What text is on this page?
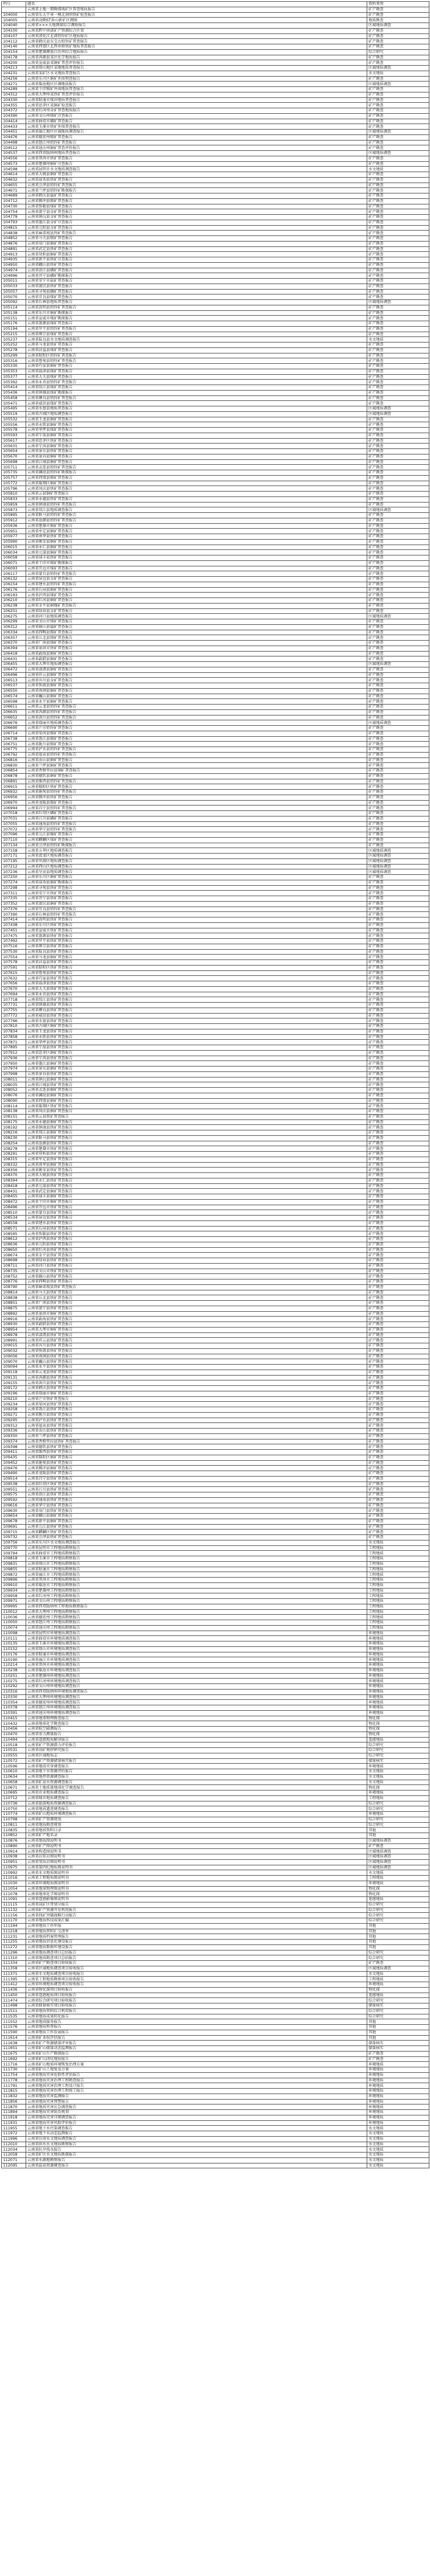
档号	题名	资料类别
	云南省上地一期勘探坡矿区普查地质报告	矿产勘查
104000	云南省东大平章一模北洞坝铁矿检查报告	矿产勘查
104005	云南省动勘ST多山新矿区测图	地质勘查
104040	云南省×××大地测量综合测验报告	区域地质调查
104100	云南省黔中南部矿产资源综合区划	矿产勘查
104107	云南省清化江北部铅锌矿区地质报告	矿产勘查
104112	云南省鹤庆县东宝山铅锌矿普查报告	矿产勘查
104140	云南省西盟区北西亚格铁矿地质普查报告	矿产勘查
104154	云南省楚雄彝族自治州综合地质报告	综合研究
104178	云南省洱源县某区化学地质报告	矿产勘查
104200	云南省宣威县某铜矿普查评价报告	矿产勘查
104213	云南省保山地区某地地质普查报告	区域地质调查
104231	云南省某矿区水文地质普查报告	水文地质
104256	云南省东川区铜矿外围预查报告	矿产勘查
104271	云南省临沧地区区调地质报告	区域地质调查
104289	云南省个旧锡矿外围地质普查报告	矿产勘查
104312	云南省大理州某铁矿普查评价报告	矿产勘查
104330	云南省昭通市煤田地质普查报告	矿产勘查
104355	云南省思茅区某铜矿检查报告	矿产勘查
104372	云南省红河州金矿普查地质报告	矿产勘查
104390	云南省文山州锑矿详查报告	矿产勘查
104414	云南省曲靖市磷矿普查报告	矿产勘查
104433	云南省玉溪市铁矿外围普查报告	矿产勘查
104451	云南省丽江地区区域地质调查报告	区域地质调查
104476	云南省德宏州锡矿普查报告	矿产勘查
104498	云南省怒江州铅锌矿普查报告	矿产勘查
104512	云南省迪庆州铜矿普查评价报告	矿产勘查
104537	云南省西双版纳州地质普查报告	区域地质调查
104556	云南省普洱市铁矿普查报告	矿产勘查
104573	云南省楚雄州铜矿详查报告	矿产勘查
104598	云南省昆明市水文地质调查报告	水文地质
104614	云南省大姚县铜矿普查报告	矿产勘查
104632	云南省禄劝县铁矿普查报告	矿产勘查
104655	云南省会泽县铅锌矿普查报告	矿产勘查
104671	云南省兰坪县铅锌矿勘探报告	矿产勘查
104689	云南省鹤庆县锰矿普查报告	矿产勘查
104712	云南省腾冲县锡矿普查报告	矿产勘查
104730	云南省弥勒县煤矿普查报告	矿产勘查
104754	云南省富宁县金矿普查报告	矿产勘查
104779	云南省镇沅县金矿普查报告	矿产勘查
104793	云南省墨江县金矿详查报告	矿产勘查
104815	云南省元阳县金矿普查报告	矿产勘查
104838	云南省麻栗坡县钨矿普查报告	矿产勘查
104852	云南省马关县锡矿普查报告	矿产勘查
104876	云南省易门县铜矿普查报告	矿产勘查
104891	云南省武定县铁矿普查报告	矿产勘查
104913	云南省双柏县铜矿普查报告	矿产勘查
104935	云南省新平县铁矿详查报告	矿产勘查
104950	云南省峨山县铁矿普查报告	矿产勘查
104974	云南省澄江县磷矿普查报告	矿产勘查
104996	云南省晋宁县磷矿勘探报告	矿产勘查
105011	云南省安宁市盐矿普查报告	矿产勘查
105033	云南省富民县铁矿普查报告	矿产勘查
105057	云南省寻甸县磷矿普查报告	矿产勘查
105070	云南省宜良县煤矿普查报告	矿产勘查
105092	云南省石林县地质普查报告	区域地质调查
105114	云南省嵩明县铅锌矿普查报告	矿产勘查
105138	云南省东川市铜矿勘探报告	矿产勘查
105151	云南省宣威市煤矿勘探报告	矿产勘查
105176	云南省富源县煤矿普查报告	矿产勘查
105194	云南省罗平县铅锌矿普查报告	矿产勘查
105215	云南省师宗县煤矿普查报告	矿产勘查
105237	云南省陆良县水文地质调查报告	水文地质
105252	云南省马龙县铁矿普查报告	矿产勘查
105278	云南省沾益县煤矿普查报告	矿产勘查
105299	云南省昭阳区铅锌矿普查报告	矿产勘查
105316	云南省鲁甸县铅锌矿普查报告	矿产勘查
105330	云南省巧家县铜矿普查报告	矿产勘查
105353	云南省盐津县煤矿普查报告	矿产勘查
105377	云南省大关县煤矿普查报告	矿产勘查
105392	云南省永善县铅锌矿普查报告	矿产勘查
105414	云南省绥江县煤矿普查报告	矿产勘查
105436	云南省镇雄县煤矿勘探报告	矿产勘查
105458	云南省彝良县铅锌矿普查报告	矿产勘查
105471	云南省威信县煤矿普查报告	矿产勘查
105495	云南省水富县地质普查报告	区域地质调查
105519	云南省古城区地质调查报告	区域地质调查
105532	云南省玉龙县铜矿普查报告	矿产勘查
105556	云南省永胜县铜矿普查报告	矿产勘查
105578	云南省华坪县煤矿普查报告	矿产勘查
105593	云南省宁蒗县铜矿普查报告	矿产勘查
105617	云南省思茅区铁矿普查报告	矿产勘查
105631	云南省宁洱县铜矿普查报告	矿产勘查
105654	云南省景东县铁矿普查报告	矿产勘查
105670	云南省景谷县铜矿普查报告	矿产勘查
105698	云南省江城县铜矿普查报告	矿产勘查
105711	云南省孟连县铅锌矿普查报告	矿产勘查
105735	云南省澜沧县铅锌矿勘探报告	矿产勘查
105757	云南省西盟县锡矿普查报告	矿产勘查
105772	云南省临翔区铜矿普查报告	矿产勘查
105796	云南省凤庆县铁矿普查报告	矿产勘查
105810	云南省云县铜矿普查报告	矿产勘查
105833	云南省永德县铁矿普查报告	矿产勘查
105859	云南省镇康县铅锌矿普查报告	矿产勘查
105873	云南省双江县地质调查报告	区域地质调查
105895	云南省耿马县铅锌矿普查报告	矿产勘查
105912	云南省沧源县铅锌矿普查报告	矿产勘查
105936	云南省楚雄市铜矿普查报告	矿产勘查
105951	云南省牟定县铜矿普查报告	矿产勘查
105977	云南省南华县铁矿普查报告	矿产勘查
105990	云南省姚安县铜矿普查报告	矿产勘查
106015	云南省永仁县铜矿普查报告	矿产勘查
106034	云南省元谋县铜矿普查报告	矿产勘查
106058	云南省禄丰县铁矿普查报告	矿产勘查
106071	云南省个旧市锡矿勘探报告	矿产勘查
106093	云南省开远市煤矿普查报告	矿产勘查
106117	云南省蒙自县铅锌矿普查报告	矿产勘查
106132	云南省屏边县金矿普查报告	矿产勘查
106154	云南省建水县铅锌矿普查报告	矿产勘查
106176	云南省石屏县铜矿普查报告	矿产勘查
106193	云南省泸西县煤矿普查报告	矿产勘查
106210	云南省红河县铜矿普查报告	矿产勘查
106238	云南省金平县铜镍矿普查报告	矿产勘查
106251	云南省绿春县金矿普查报告	矿产勘查
106275	云南省河口县地质调查报告	区域地质调查
106299	云南省文山市锑矿普查报告	矿产勘查
106312	云南省砚山县锰矿普查报告	矿产勘查
106334	云南省西畴县锡矿普查报告	矿产勘查
106357	云南省丘北县锑矿普查报告	矿产勘查
106370	云南省广南县锑矿普查报告	矿产勘查
106394	云南省景洪市铁矿普查报告	矿产勘查
106418	云南省勐海县铜矿普查报告	矿产勘查
106431	云南省勐腊县铜矿普查报告	矿产勘查
106455	云南省大理市地质调查报告	区域地质调查
106472	云南省漾濞县铜矿普查报告	矿产勘查
106496	云南省祥云县铜矿普查报告	矿产勘查
106513	云南省宾川县金矿普查报告	矿产勘查
106537	云南省弥渡县铜矿普查报告	矿产勘查
106550	云南省南涧县铜矿普查报告	矿产勘查
106574	云南省巍山县铜矿普查报告	矿产勘查
106598	云南省永平县铜矿普查报告	矿产勘查
106611	云南省云龙县铅锌矿普查报告	矿产勘查
106635	云南省洱源县铅锌矿普查报告	矿产勘查
106652	云南省剑川县铅锌矿普查报告	矿产勘查
106676	云南省瑞丽市地质调查报告	区域地质调查
106690	云南省芒市铅锌矿普查报告	矿产勘查
106714	云南省梁河县锡矿普查报告	矿产勘查
106738	云南省盈江县锡矿普查报告	矿产勘查
106751	云南省陇川县锡矿普查报告	矿产勘查
106775	云南省泸水县铅锌矿普查报告	矿产勘查
106792	云南省福贡县铅锌矿普查报告	矿产勘查
106816	云南省贡山县铜矿普查报告	矿产勘查
106830	云南省兰坪县铜矿普查报告	矿产勘查
106854	云南省香格里拉县铜矿普查报告	矿产勘查
106878	云南省德钦县铜矿普查报告	矿产勘查
106891	云南省维西县铅锌矿普查报告	矿产勘查
106915	云南省隆阳区铁矿普查报告	矿产勘查
106932	云南省施甸县铅锌矿普查报告	矿产勘查
106956	云南省腾冲县铁矿普查报告	矿产勘查
106970	云南省龙陵县锡矿普查报告	矿产勘查
106994	云南省昌宁县铅锌矿普查报告	矿产勘查
107018	云南省红塔区磷矿普查报告	矿产勘查
107031	云南省江川县磷矿普查报告	矿产勘查
107055	云南省通海县铅锌矿普查报告	矿产勘查
107072	云南省华宁县铅锌矿普查报告	矿产勘查
107096	云南省元江县镍矿普查报告	矿产勘查
107110	云南省麒麟区煤矿普查报告	矿产勘查
107134	云南省会泽县铅锌矿勘探报告	矿产勘查
107158	云南省五华区地质调查报告	区域地质调查
107171	云南省盘龙区地质调查报告	区域地质调查
107195	云南省官渡区地质调查报告	区域地质调查
107212	云南省西山区地质调查报告	区域地质调查
107236	云南省呈贡县地质调查报告	区域地质调查
107250	云南省东川区铜矿普查报告	矿产勘查
107274	云南省禄劝县铜矿勘探报告	矿产勘查
107298	云南省寻甸县铁矿普查报告	矿产勘查
107311	云南省安宁市铁矿普查报告	矿产勘查
107335	云南省晋宁县铁矿普查报告	矿产勘查
107352	云南省富民县铜矿普查报告	矿产勘查
107376	云南省宜良县铅锌矿普查报告	矿产勘查
107390	云南省石林县铅锌矿普查报告	矿产勘查
107414	云南省嵩明县铁矿普查报告	矿产勘查
107438	云南省东川区铁矿普查报告	矿产勘查
107451	云南省宣威市铁矿普查报告	矿产勘查
107475	云南省富源县铁矿普查报告	矿产勘查
107492	云南省罗平县铁矿普查报告	矿产勘查
107516	云南省师宗县铁矿普查报告	矿产勘查
107530	云南省陆良县铁矿普查报告	矿产勘查
107554	云南省马龙县铜矿普查报告	矿产勘查
107578	云南省沾益县铁矿普查报告	矿产勘查
107591	云南省昭阳区铁矿普查报告	矿产勘查
107615	云南省鲁甸县铁矿普查报告	矿产勘查
107632	云南省巧家县铁矿普查报告	矿产勘查
107656	云南省盐津县铁矿普查报告	矿产勘查
107670	云南省大关县铁矿普查报告	矿产勘查
107694	云南省永善县铁矿普查报告	矿产勘查
107718	云南省绥江县铁矿普查报告	矿产勘查
107731	云南省镇雄县铁矿普查报告	矿产勘查
107755	云南省彝良县铁矿普查报告	矿产勘查
107772	云南省威信县铁矿普查报告	矿产勘查
107796	云南省水富县铁矿普查报告	矿产勘查
107810	云南省古城区铜矿普查报告	矿产勘查
107834	云南省玉龙县铁矿普查报告	矿产勘查
107858	云南省永胜县铁矿普查报告	矿产勘查
107871	云南省华坪县铁矿普查报告	矿产勘查
107895	云南省宁蒗县铁矿普查报告	矿产勘查
107912	云南省思茅区铜矿普查报告	矿产勘查
107936	云南省宁洱县铁矿普查报告	矿产勘查
107950	云南省墨江县铜矿普查报告	矿产勘查
107974	云南省景东县铜矿普查报告	矿产勘查
107998	云南省景谷县铁矿普查报告	矿产勘查
108011	云南省镇沅县铜矿普查报告	矿产勘查
108035	云南省江城县铁矿普查报告	矿产勘查
108052	云南省孟连县铜矿普查报告	矿产勘查
108076	云南省澜沧县铜矿普查报告	矿产勘查
108090	云南省西盟县铜矿普查报告	矿产勘查
108114	云南省临翔区铁矿普查报告	矿产勘查
108138	云南省凤庆县铜矿普查报告	矿产勘查
108151	云南省云县铁矿普查报告	矿产勘查
108175	云南省永德县铜矿普查报告	矿产勘查
108192	云南省镇康县铁矿普查报告	矿产勘查
108216	云南省双江县铜矿普查报告	矿产勘查
108230	云南省耿马县铁矿普查报告	矿产勘查
108254	云南省沧源县铁矿普查报告	矿产勘查
108278	云南省楚雄市铁矿普查报告	矿产勘查
108291	云南省双柏县铁矿普查报告	矿产勘查
108315	云南省牟定县铁矿普查报告	矿产勘查
108332	云南省南华县铜矿普查报告	矿产勘查
108356	云南省姚安县铁矿普查报告	矿产勘查
108370	云南省大姚县铁矿普查报告	矿产勘查
108394	云南省永仁县铁矿普查报告	矿产勘查
108418	云南省元谋县铁矿普查报告	矿产勘查
108431	云南省武定县铜矿普查报告	矿产勘查
108455	云南省禄丰县铜矿普查报告	矿产勘查
108472	云南省个旧市铜矿普查报告	矿产勘查
108496	云南省开远市铁矿普查报告	矿产勘查
108510	云南省蒙自县铁矿普查报告	矿产勘查
108534	云南省屏边县铁矿普查报告	矿产勘查
108558	云南省建水县铁矿普查报告	矿产勘查
108571	云南省石屏县铁矿普查报告	矿产勘查
108595	云南省弥勒县铁矿普查报告	矿产勘查
108612	云南省泸西县铁矿普查报告	矿产勘查
108636	云南省元阳县铁矿普查报告	矿产勘查
108650	云南省红河县铁矿普查报告	矿产勘查
108674	云南省金平县铁矿普查报告	矿产勘查
108698	云南省绿春县铁矿普查报告	矿产勘查
108711	云南省河口县铁矿普查报告	矿产勘查
108735	云南省文山市铁矿普查报告	矿产勘查
108752	云南省砚山县铁矿普查报告	矿产勘查
108776	云南省西畴县铁矿普查报告	矿产勘查
108790	云南省麻栗坡县铁矿普查报告	矿产勘查
108814	云南省马关县铁矿普查报告	矿产勘查
108838	云南省丘北县铁矿普查报告	矿产勘查
108851	云南省广南县铁矿普查报告	矿产勘查
108875	云南省富宁县铁矿普查报告	矿产勘查
108892	云南省景洪市铜矿普查报告	矿产勘查
108916	云南省勐海县铁矿普查报告	矿产勘查
108930	云南省勐腊县铁矿普查报告	矿产勘查
108954	云南省大理市铜矿普查报告	矿产勘查
108978	云南省漾濞县铁矿普查报告	矿产勘查
108991	云南省祥云县铁矿普查报告	矿产勘查
109015	云南省宾川县铁矿普查报告	矿产勘查
109032	云南省弥渡县铁矿普查报告	矿产勘查
109056	云南省南涧县铁矿普查报告	矿产勘查
109070	云南省巍山县铁矿普查报告	矿产勘查
109094	云南省永平县铁矿普查报告	矿产勘查
109118	云南省云龙县铁矿普查报告	矿产勘查
109131	云南省洱源县铁矿普查报告	矿产勘查
109155	云南省剑川县铁矿普查报告	矿产勘查
109172	云南省鹤庆县铁矿普查报告	矿产勘查
109196	云南省瑞丽市铜矿普查报告	矿产勘查
109210	云南省芒市铁矿普查报告	矿产勘查
109234	云南省梁河县铁矿普查报告	矿产勘查
109258	云南省盈江县铁矿普查报告	矿产勘查
109271	云南省陇川县铁矿普查报告	矿产勘查
109295	云南省泸水县铁矿普查报告	矿产勘查
109312	云南省福贡县铁矿普查报告	矿产勘查
109336	云南省贡山县铁矿普查报告	矿产勘查
109350	云南省兰坪县铁矿普查报告	矿产勘查
109374	云南省香格里拉县铁矿普查报告	矿产勘查
109398	云南省德钦县铁矿普查报告	矿产勘查
109411	云南省维西县铁矿普查报告	矿产勘查
109435	云南省隆阳区铜矿普查报告	矿产勘查
109452	云南省施甸县铁矿普查报告	矿产勘查
109476	云南省腾冲县铜矿普查报告	矿产勘查
109490	云南省龙陵县铁矿普查报告	矿产勘查
109514	云南省昌宁县铁矿普查报告	矿产勘查
109538	云南省红塔区铁矿普查报告	矿产勘查
109551	云南省江川县铁矿普查报告	矿产勘查
109575	云南省澄江县铁矿普查报告	矿产勘查
109592	云南省通海县铁矿普查报告	矿产勘查
109616	云南省华宁县铁矿普查报告	矿产勘查
109630	云南省易门县铁矿普查报告	矿产勘查
109654	云南省峨山县铜矿普查报告	矿产勘查
109678	云南省新平县铜矿普查报告	矿产勘查
109691	云南省元江县铁矿普查报告	矿产勘查
109715	云南省麒麟区铁矿普查报告	矿产勘查
109732	云南省会泽县铁矿普查报告	矿产勘查
109756	云南省东川区水文地质调查报告	水文地质
109770	云南省昆明市工程地质勘察报告	工程地质
109794	云南省曲靖市工程地质勘察报告	工程地质
109818	云南省玉溪市工程地质勘察报告	工程地质
109831	云南省保山市工程地质勘察报告	工程地质
109855	云南省昭通市工程地质勘察报告	工程地质
109872	云南省丽江市工程地质勘察报告	工程地质
109896	云南省普洱市工程地质勘察报告	工程地质
109910	云南省临沧市工程地质勘察报告	工程地质
109934	云南省楚雄州工程地质勘察报告	工程地质
109958	云南省红河州工程地质勘察报告	工程地质
109971	云南省文山州工程地质勘察报告	工程地质
109995	云南省西双版纳州工程地质勘察报告	工程地质
110012	云南省大理州工程地质勘察报告	工程地质
110036	云南省德宏州工程地质勘察报告	工程地质
110050	云南省怒江州工程地质勘察报告	工程地质
110074	云南省迪庆州工程地质勘察报告	工程地质
110098	云南省昆明市环境地质调查报告	环境地质
110111	云南省曲靖市环境地质调查报告	环境地质
110135	云南省玉溪市环境地质调查报告	环境地质
110152	云南省保山市环境地质调查报告	环境地质
110176	云南省昭通市环境地质调查报告	环境地质
110190	云南省丽江市环境地质调查报告	环境地质
110214	云南省普洱市环境地质调查报告	环境地质
110238	云南省临沧市环境地质调查报告	环境地质
110251	云南省楚雄州环境地质调查报告	环境地质
110275	云南省红河州环境地质调查报告	环境地质
110292	云南省文山州环境地质调查报告	环境地质
110316	云南省西双版纳州环境地质调查报告	环境地质
110330	云南省大理州环境地质调查报告	环境地质
110354	云南省德宏州环境地质调查报告	环境地质
110378	云南省怒江州环境地质调查报告	环境地质
110391	云南省迪庆州环境地质调查报告	环境地质
110415	云南省地球物理勘查报告	物化探
110432	云南省地球化学勘查报告	物化探
110456	云南省航空磁测报告	物化探
110470	云南省重力测量报告	物化探
110494	云南省遥感地质解译报告	遥感地质
110518	云南省矿产资源潜力评价报告	综合研究
110531	云南省成矿规律研究报告	综合研究
110555	云南省区域地质志	综合研究
110572	云南省矿产资源储量核实报告	储量核实
110596	云南省地质灾害调查报告	环境地质
110610	云南省地下水资源评价报告	水文地质
110634	云南省地热资源调查报告	水文地质
110658	云南省矿泉水资源调查报告	水文地质
110671	云南省土地质量地球化学调查报告	物化探
110695	云南省农业地质调查报告	环境地质
110712	云南省城市地质调查报告	工程地质
110736	云南省旅游地质资源调查报告	综合研究
110750	云南省地质遗迹调查报告	综合研究
110774	云南省矿山地质环境调查报告	环境地质
110798	云南省矿产资源规划	综合研究
110811	云南省地质勘查规划	综合研究
110835	云南省地质资料目录	其他
110852	云南省矿产地名录	其他
110876	云南省地质图说明书	区域地质调查
110890	云南省矿产图说明书	矿产勘查
110914	云南省构造图说明书	区域地质调查
110938	云南省岩浆岩图说明书	区域地质调查
110951	云南省变质岩图说明书	区域地质调查
110975	云南省第四纪地质图说明书	区域地质调查
110992	云南省水文地质图说明书	水文地质
111016	云南省工程地质图说明书	工程地质
111030	云南省环境地质图说明书	环境地质
111054	云南省地球物理图说明书	物化探
111078	云南省地球化学图说明书	物化探
111091	云南省遥感影像图说明书	遥感地质
111115	云南省成矿区带划分报告	综合研究
111132	云南省矿产资源开发利用报告	综合研究
111156	云南省找矿突破战略行动报告	综合研究
111170	云南省地质科技成果汇编	综合研究
111194	云南省地质工作年报	其他
111218	云南省地质资料汇交清单	其他
111231	云南省地质档案管理报告	其他
111255	云南省地质信息化建设报告	其他
111272	云南省地质数据库建设报告	其他
111296	云南省地质调查项目总结报告	综合研究
111310	云南省地质勘查项目总结报告	综合研究
111334	云南省矿产勘查项目验收报告	矿产勘查
111358	云南省区域地质调查项目验收报告	区域地质调查
111371	云南省水文地质调查项目验收报告	水文地质
111395	云南省工程地质勘察项目验收报告	工程地质
111412	云南省环境地质调查项目验收报告	环境地质
111436	云南省物化探项目验收报告	物化探
111450	云南省遥感地质项目验收报告	遥感地质
111474	云南省综合研究项目验收报告	综合研究
111498	云南省储量核实项目验收报告	储量核实
111511	云南省地质资料综合利用报告	综合研究
111535	云南省地质成果转化报告	综合研究
111552	云南省地质服务报告	其他
111576	云南省地质科普报告	其他
111590	云南省地质工作发展报告	其他
111614	云南省矿业权评估报告	其他
111638	云南省矿产资源储量评审报告	储量核实
111651	云南省矿山储量动态监测报告	储量核实
111675	云南省矿山生产勘探报告	矿产勘查
111692	云南省矿山闭坑地质报告	矿产勘查
111716	云南省矿山地质环境恢复治理方案	环境地质
111730	云南省矿山土地复垦方案	环境地质
111754	云南省地质灾害危险性评估报告	环境地质
111778	云南省地质灾害治理工程勘查报告	环境地质
111791	云南省地质灾害治理工程设计报告	环境地质
111815	云南省地质灾害治理工程竣工报告	环境地质
111832	云南省地质灾害监测报告	环境地质
111856	云南省地质灾害预警报告	环境地质
111870	云南省地质灾害应急调查报告	环境地质
111894	云南省地质灾害防治规划	环境地质
111918	云南省地质灾害详细调查报告	环境地质
111931	云南省地质灾害风险评价报告	环境地质
111955	云南省地下水污染调查报告	水文地质
111972	云南省地下水动态监测报告	水文地质
111996	云南省岩溶水文地质调查报告	水文地质
112010	云南省供水水文地质勘察报告	水文地质
112034	云南省抗旱找水报告	水文地质
112058	云南省矿区水文地质勘探报告	水文地质
112071	云南省水源地勘察报告	水文地质
112095	云南省温泉资源调查报告	水文地质
